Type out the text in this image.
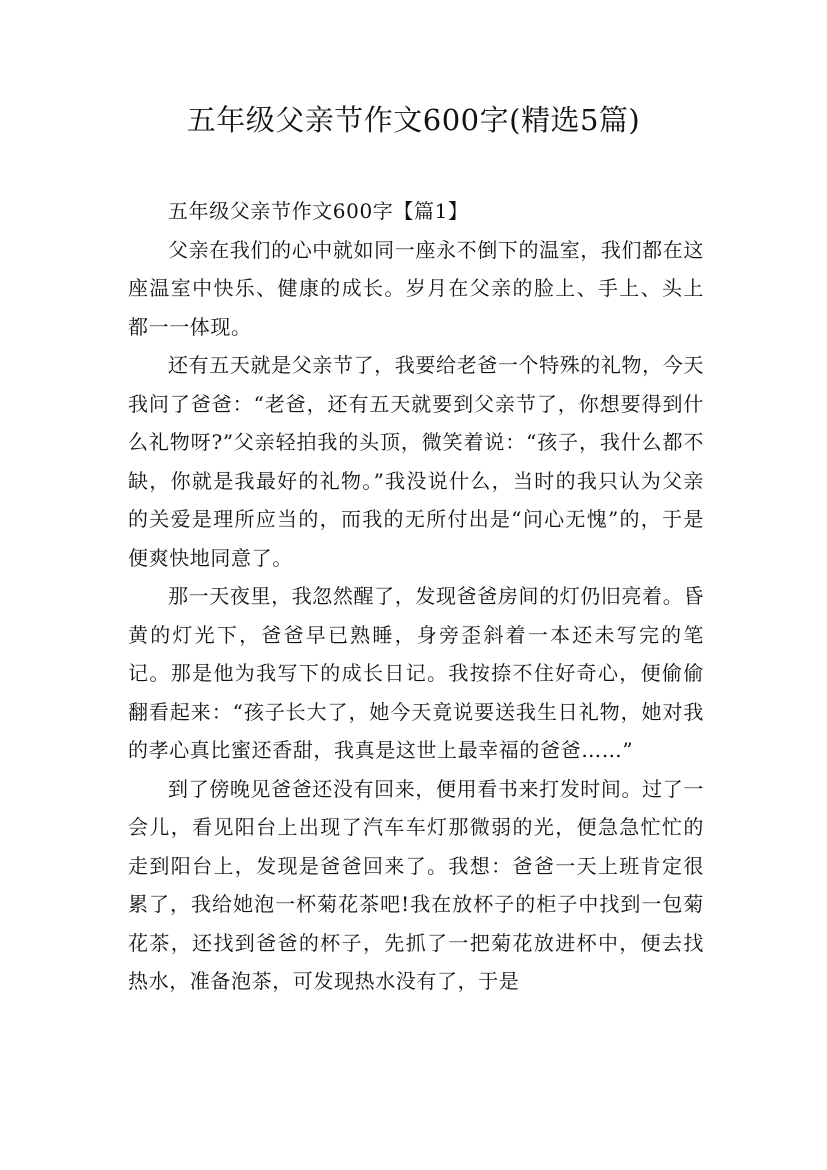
五年级父亲节作文600字(精选5篇)
五年级父亲节作文600字【篇1】

父亲在我们的心中就如同一座永不倒下的温室，我们都在这座温室中快乐、健康的成长。岁月在父亲的脸上、手上、头上都一一体现。

还有五天就是父亲节了，我要给老爸一个特殊的礼物，今天我问了爸爸：“老爸，还有五天就要到父亲节了，你想要得到什么礼物呀?”父亲轻拍我的头顶，微笑着说：“孩子，我什么都不缺，你就是我最好的礼物。”我没说什么，当时的我只认为父亲的关爱是理所应当的，而我的无所付出是“问心无愧”的，于是便爽快地同意了。

那一天夜里，我忽然醒了，发现爸爸房间的灯仍旧亮着。昏黄的灯光下，爸爸早已熟睡，身旁歪斜着一本还未写完的笔记。那是他为我写下的成长日记。我按捺不住好奇心，便偷偷翻看起来：“孩子长大了，她今天竟说要送我生日礼物，她对我的孝心真比蜜还香甜，我真是这世上最幸福的爸爸……”

到了傍晚见爸爸还没有回来，便用看书来打发时间。过了一会儿，看见阳台上出现了汽车车灯那微弱的光，便急急忙忙的走到阳台上，发现是爸爸回来了。我想：爸爸一天上班肯定很累了，我给她泡一杯菊花茶吧!我在放杯子的柜子中找到一包菊花茶，还找到爸爸的杯子，先抓了一把菊花放进杯中，便去找热水，准备泡茶，可发现热水没有了，于是
